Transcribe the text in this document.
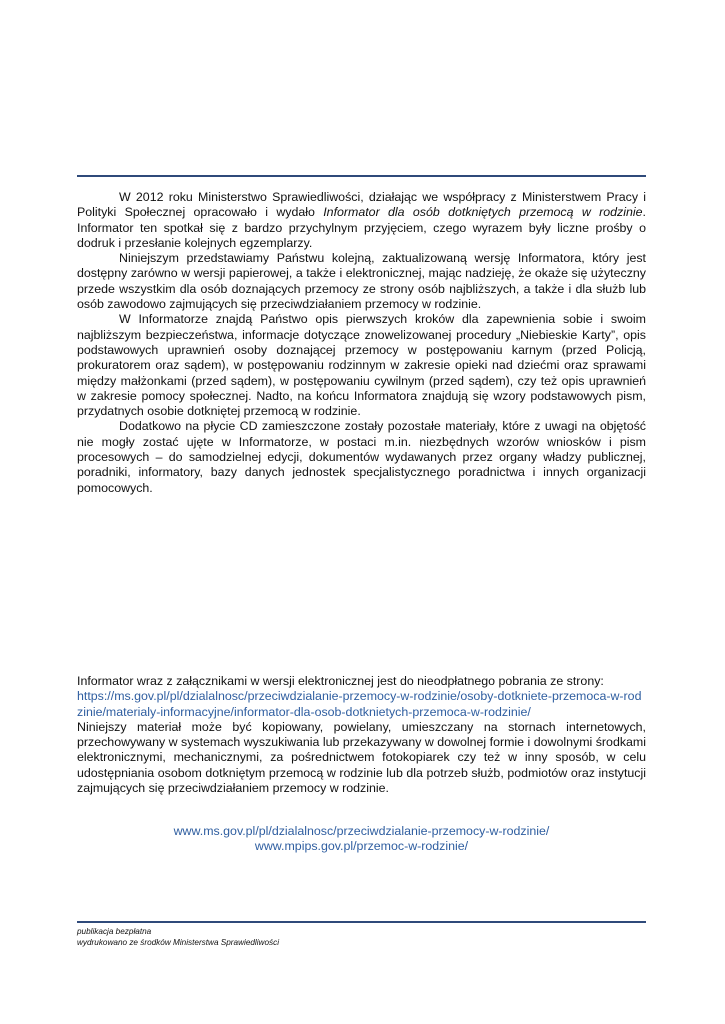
W 2012 roku Ministerstwo Sprawiedliwości, działając we współpracy z Ministerstwem Pracy i Polityki Społecznej opracowało i wydało Informator dla osób dotkniętych przemocą w rodzinie. Informator ten spotkał się z bardzo przychylnym przyjęciem, czego wyrazem były liczne prośby o dodruk i przesłanie kolejnych egzemplarzy.

Niniejszym przedstawiamy Państwu kolejną, zaktualizowaną wersję Informatora, który jest dostępny zarówno w wersji papierowej, a także i elektronicznej, mając nadzieję, że okaże się użyteczny przede wszystkim dla osób doznających przemocy ze strony osób najbliższych, a także i dla służb lub osób zawodowo zajmujących się przeciwdziałaniem przemocy w rodzinie.

W Informatorze znajdą Państwo opis pierwszych kroków dla zapewnienia sobie i swoim najbliższym bezpieczeństwa, informacje dotyczące znowelizowanej procedury „Niebieskie Karty”, opis podstawowych uprawnień osoby doznającej przemocy w postępowaniu karnym (przed Policją, prokuratorem oraz sądem), w postępowaniu rodzinnym w zakresie opieki nad dziećmi oraz sprawami między małżonkami (przed sądem), w postępowaniu cywilnym (przed sądem), czy też opis uprawnień w zakresie pomocy społecznej. Nadto, na końcu Informatora znajdują się wzory podstawowych pism, przydatnych osobie dotkniętej przemocą w rodzinie.

Dodatkowo na płycie CD zamieszczone zostały pozostałe materiały, które z uwagi na objętość nie mogły zostać ujęte w Informatorze, w postaci m.in. niezbędnych wzorów wniosków i pism procesowych – do samodzielnej edycji, dokumentów wydawanych przez organy władzy publicznej, poradniki, informatory, bazy danych jednostek specjalistycznego poradnictwa i innych organizacji pomocowych.

Informator wraz z załącznikami w wersji elektronicznej jest do nieodpłatnego pobrania ze strony:

https://ms.gov.pl/pl/dzialalnosc/przeciwdzialanie-przemocy-w-rodzinie/osoby-dotkniete-przemoca-w-rodzinie/materialy-informacyjne/informator-dla-osob-dotknietych-przemoca-w-rodzinie/

Niniejszy materiał może być kopiowany, powielany, umieszczany na stornach internetowych, przechowywany w systemach wyszukiwania lub przekazywany w dowolnej formie i dowolnymi środkami elektronicznymi, mechanicznymi, za pośrednictwem fotokopiarek czy też w inny sposób, w celu udostępniania osobom dotkniętym przemocą w rodzinie lub dla potrzeb służb, podmiotów oraz instytucji zajmujących się przeciwdziałaniem przemocy w rodzinie.

www.ms.gov.pl/pl/dzialalnosc/przeciwdzialanie-przemocy-w-rodzinie/
www.mpips.gov.pl/przemoc-w-rodzinie/
publikacja bezpłatna
wydrukowano ze środków Ministerstwa Sprawiedliwości
